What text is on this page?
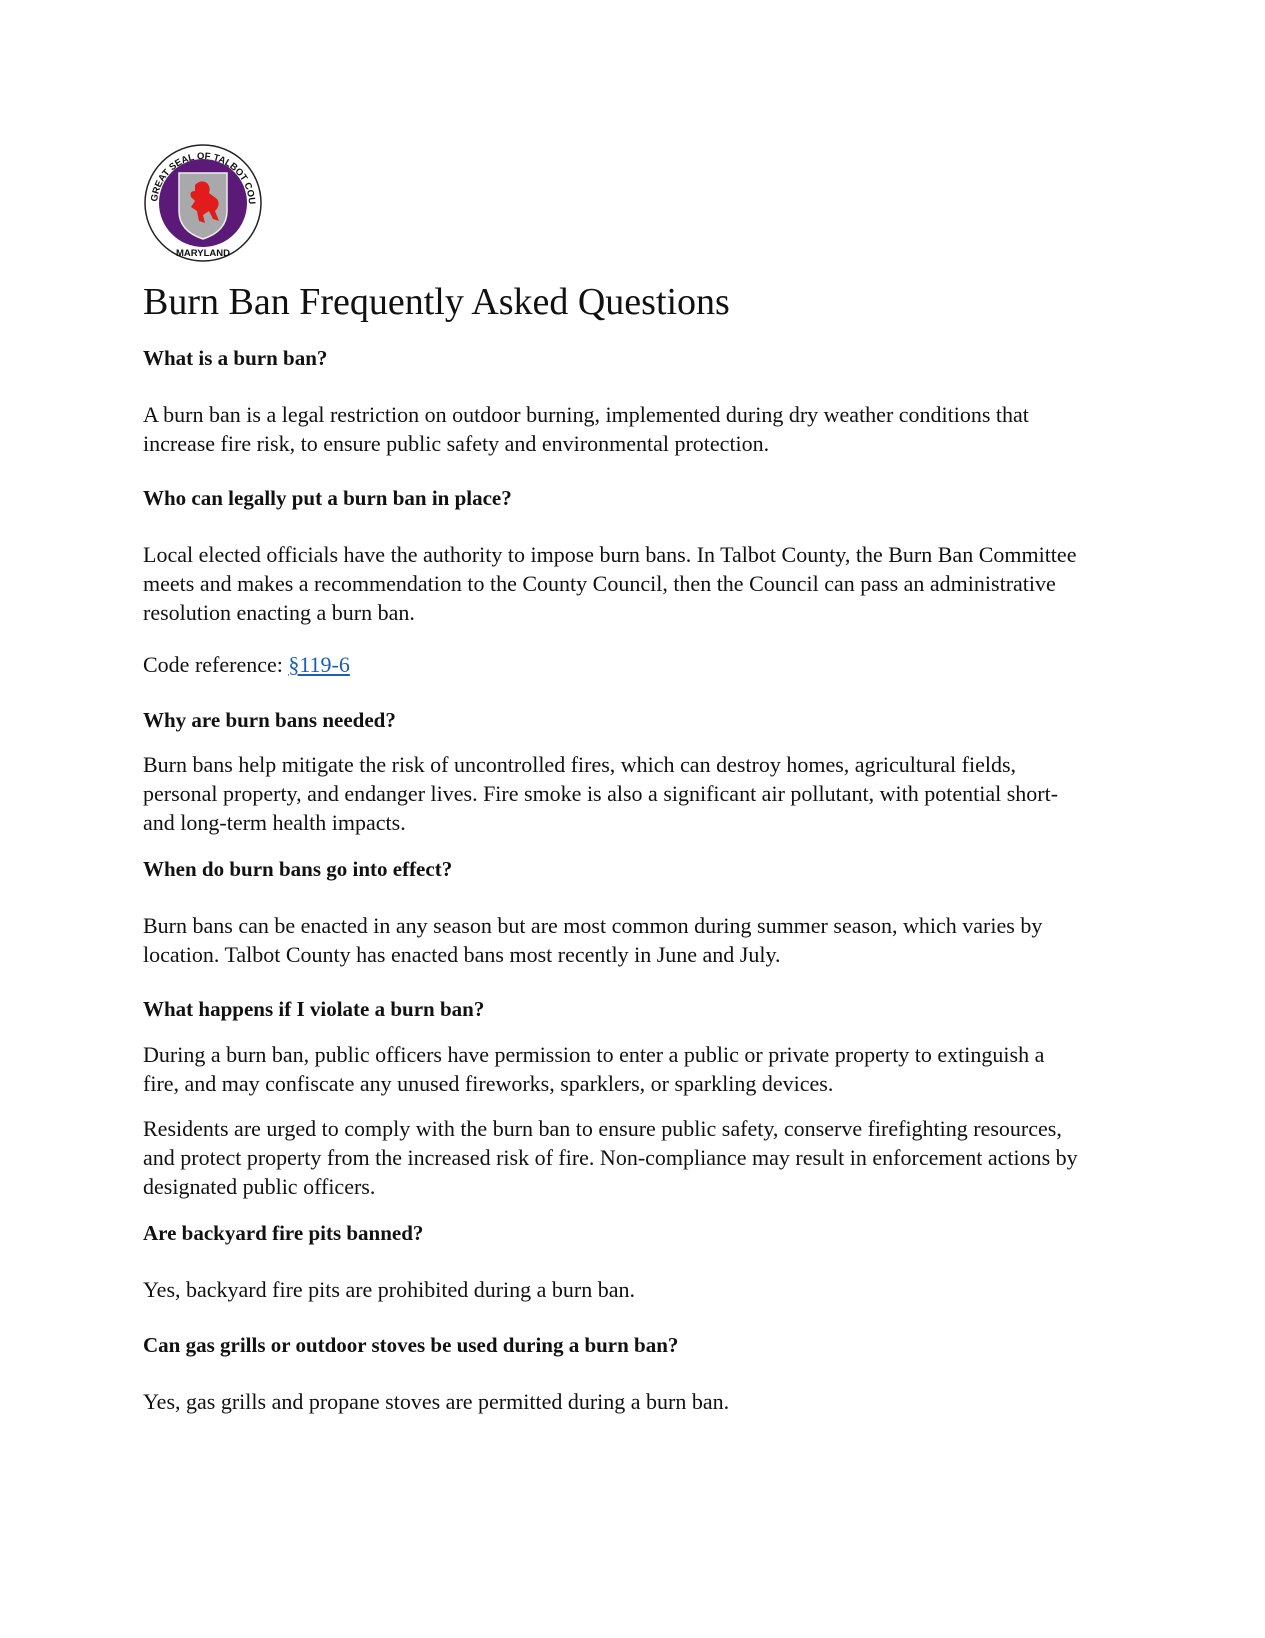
GREAT SEAL OF TALBOT COU
MARYLAND
Burn Ban Frequently Asked Questions
What is a burn ban?

A burn ban is a legal restriction on outdoor burning, implemented during dry weather conditions that increase fire risk, to ensure public safety and environmental protection.

Who can legally put a burn ban in place?

Local elected officials have the authority to impose burn bans. In Talbot County, the Burn Ban Committee meets and makes a recommendation to the County Council, then the Council can pass an administrative resolution enacting a burn ban.

Code reference: §119-6

Why are burn bans needed?

Burn bans help mitigate the risk of uncontrolled fires, which can destroy homes, agricultural fields, personal property, and endanger lives. Fire smoke is also a significant air pollutant, with potential short- and long-term health impacts.

When do burn bans go into effect?

Burn bans can be enacted in any season but are most common during summer season, which varies by location. Talbot County has enacted bans most recently in June and July.

What happens if I violate a burn ban?

During a burn ban, public officers have permission to enter a public or private property to extinguish a fire, and may confiscate any unused fireworks, sparklers, or sparkling devices.

Residents are urged to comply with the burn ban to ensure public safety, conserve firefighting resources, and protect property from the increased risk of fire. Non-compliance may result in enforcement actions by designated public officers.

Are backyard fire pits banned?

Yes, backyard fire pits are prohibited during a burn ban.

Can gas grills or outdoor stoves be used during a burn ban?

Yes, gas grills and propane stoves are permitted during a burn ban.
